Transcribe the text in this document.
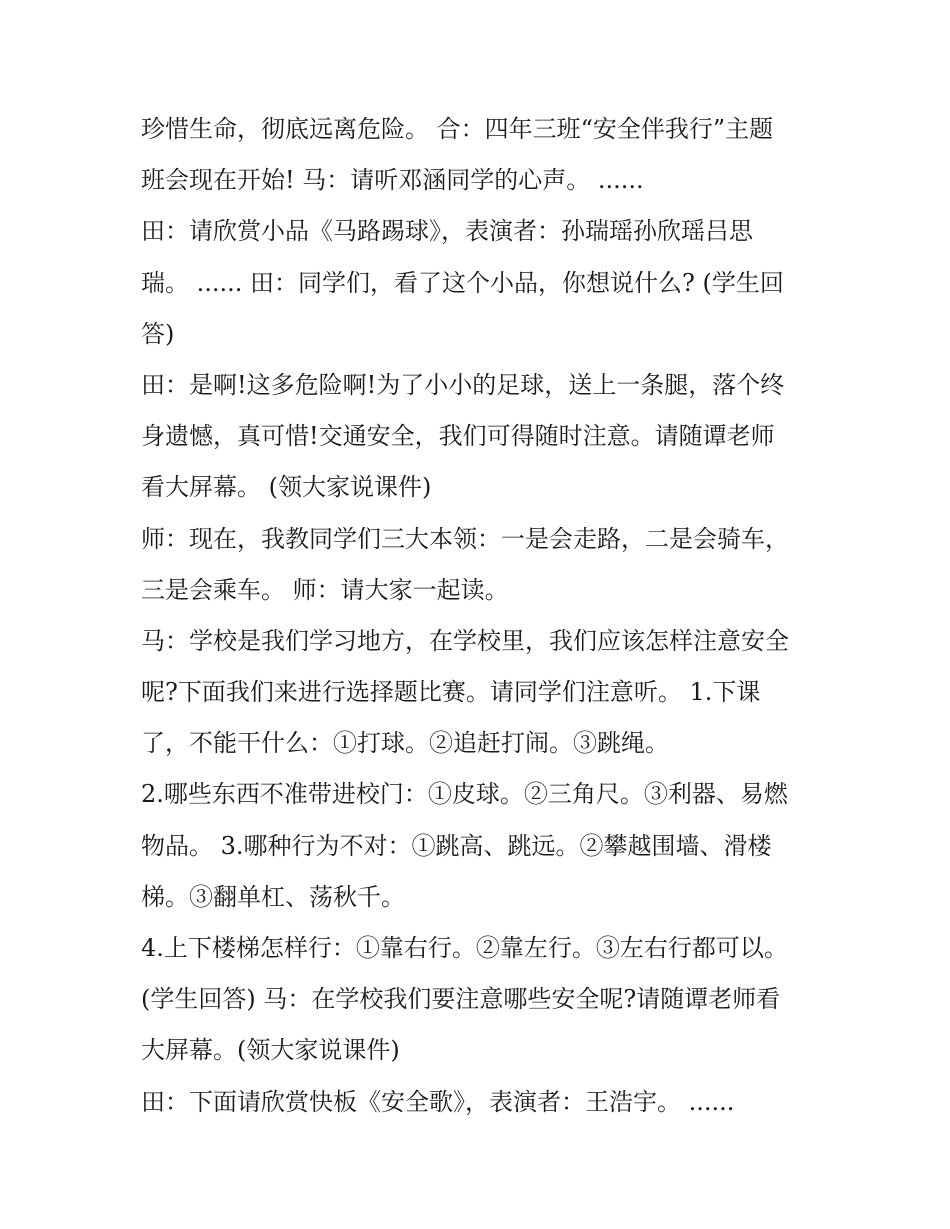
珍惜生命，彻底远离危险。 合：四年三班“安全伴我行”主题
班会现在开始! 马：请听邓涵同学的心声。 ......
田：请欣赏小品《马路踢球》，表演者：孙瑞瑶孙欣瑶吕思
瑞。 ...... 田：同学们，看了这个小品，你想说什么? (学生回
答)
田：是啊!这多危险啊!为了小小的足球，送上一条腿，落个终
身遗憾，真可惜!交通安全，我们可得随时注意。请随谭老师
看大屏幕。 (领大家说课件)
师：现在，我教同学们三大本领：一是会走路，二是会骑车，
三是会乘车。 师：请大家一起读。
马：学校是我们学习地方，在学校里，我们应该怎样注意安全
呢?下面我们来进行选择题比赛。请同学们注意听。 1.下课
了，不能干什么：①打球。②追赶打闹。③跳绳。
2.哪些东西不准带进校门：①皮球。②三角尺。③利器、易燃
物品。 3.哪种行为不对：①跳高、跳远。②攀越围墙、滑楼
梯。③翻单杠、荡秋千。
4.上下楼梯怎样行：①靠右行。②靠左行。③左右行都可以。
(学生回答) 马：在学校我们要注意哪些安全呢?请随谭老师看
大屏幕。(领大家说课件)
田：下面请欣赏快板《安全歌》，表演者：王浩宇。 ......
